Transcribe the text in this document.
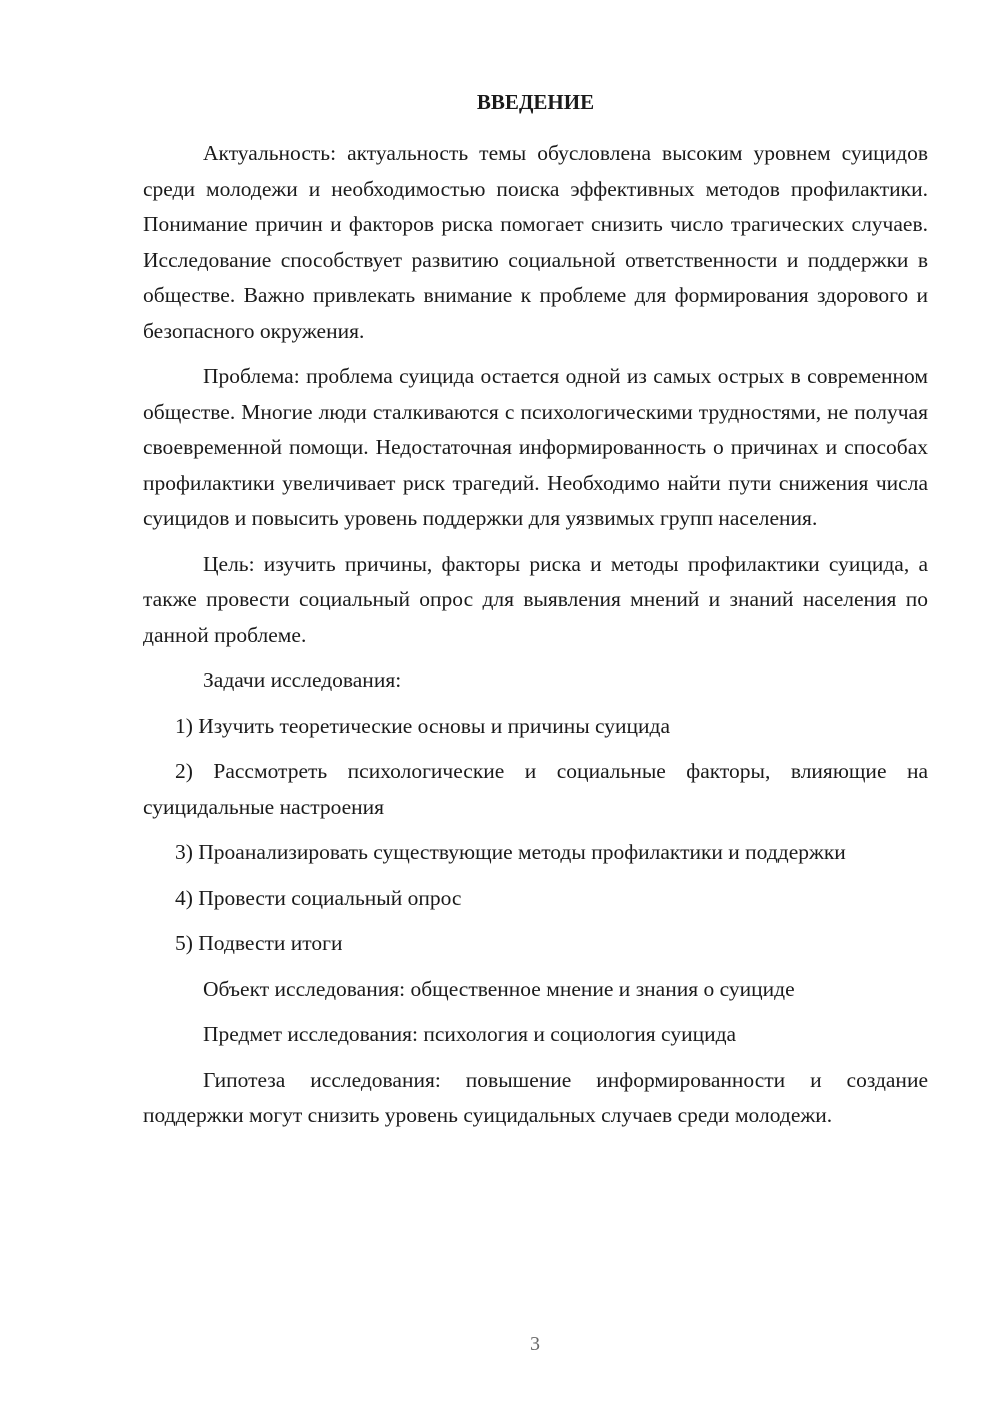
ВВЕДЕНИЕ

Актуальность: актуальность темы обусловлена высоким уровнем суицидов среди молодежи и необходимостью поиска эффективных методов профилактики. Понимание причин и факторов риска помогает снизить число трагических случаев. Исследование способствует развитию социальной ответственности и поддержки в обществе. Важно привлекать внимание к проблеме для формирования здорового и безопасного окружения.

Проблема: проблема суицида остается одной из самых острых в современном обществе. Многие люди сталкиваются с психологическими трудностями, не получая своевременной помощи. Недостаточная информированность о причинах и способах профилактики увеличивает риск трагедий. Необходимо найти пути снижения числа суицидов и повысить уровень поддержки для уязвимых групп населения.

Цель: изучить причины, факторы риска и методы профилактики суицида, а также провести социальный опрос для выявления мнений и знаний населения по данной проблеме.

Задачи исследования:

1) Изучить теоретические основы и причины суицида

2) Рассмотреть психологические и социальные факторы, влияющие на суицидальные настроения

3) Проанализировать существующие методы профилактики и поддержки

4) Провести социальный опрос

5) Подвести итоги

Объект исследования: общественное мнение и знания о суициде

Предмет исследования: психология и социология суицида

Гипотеза исследования: повышение информированности и создание поддержки могут снизить уровень суицидальных случаев среди молодежи.

3
